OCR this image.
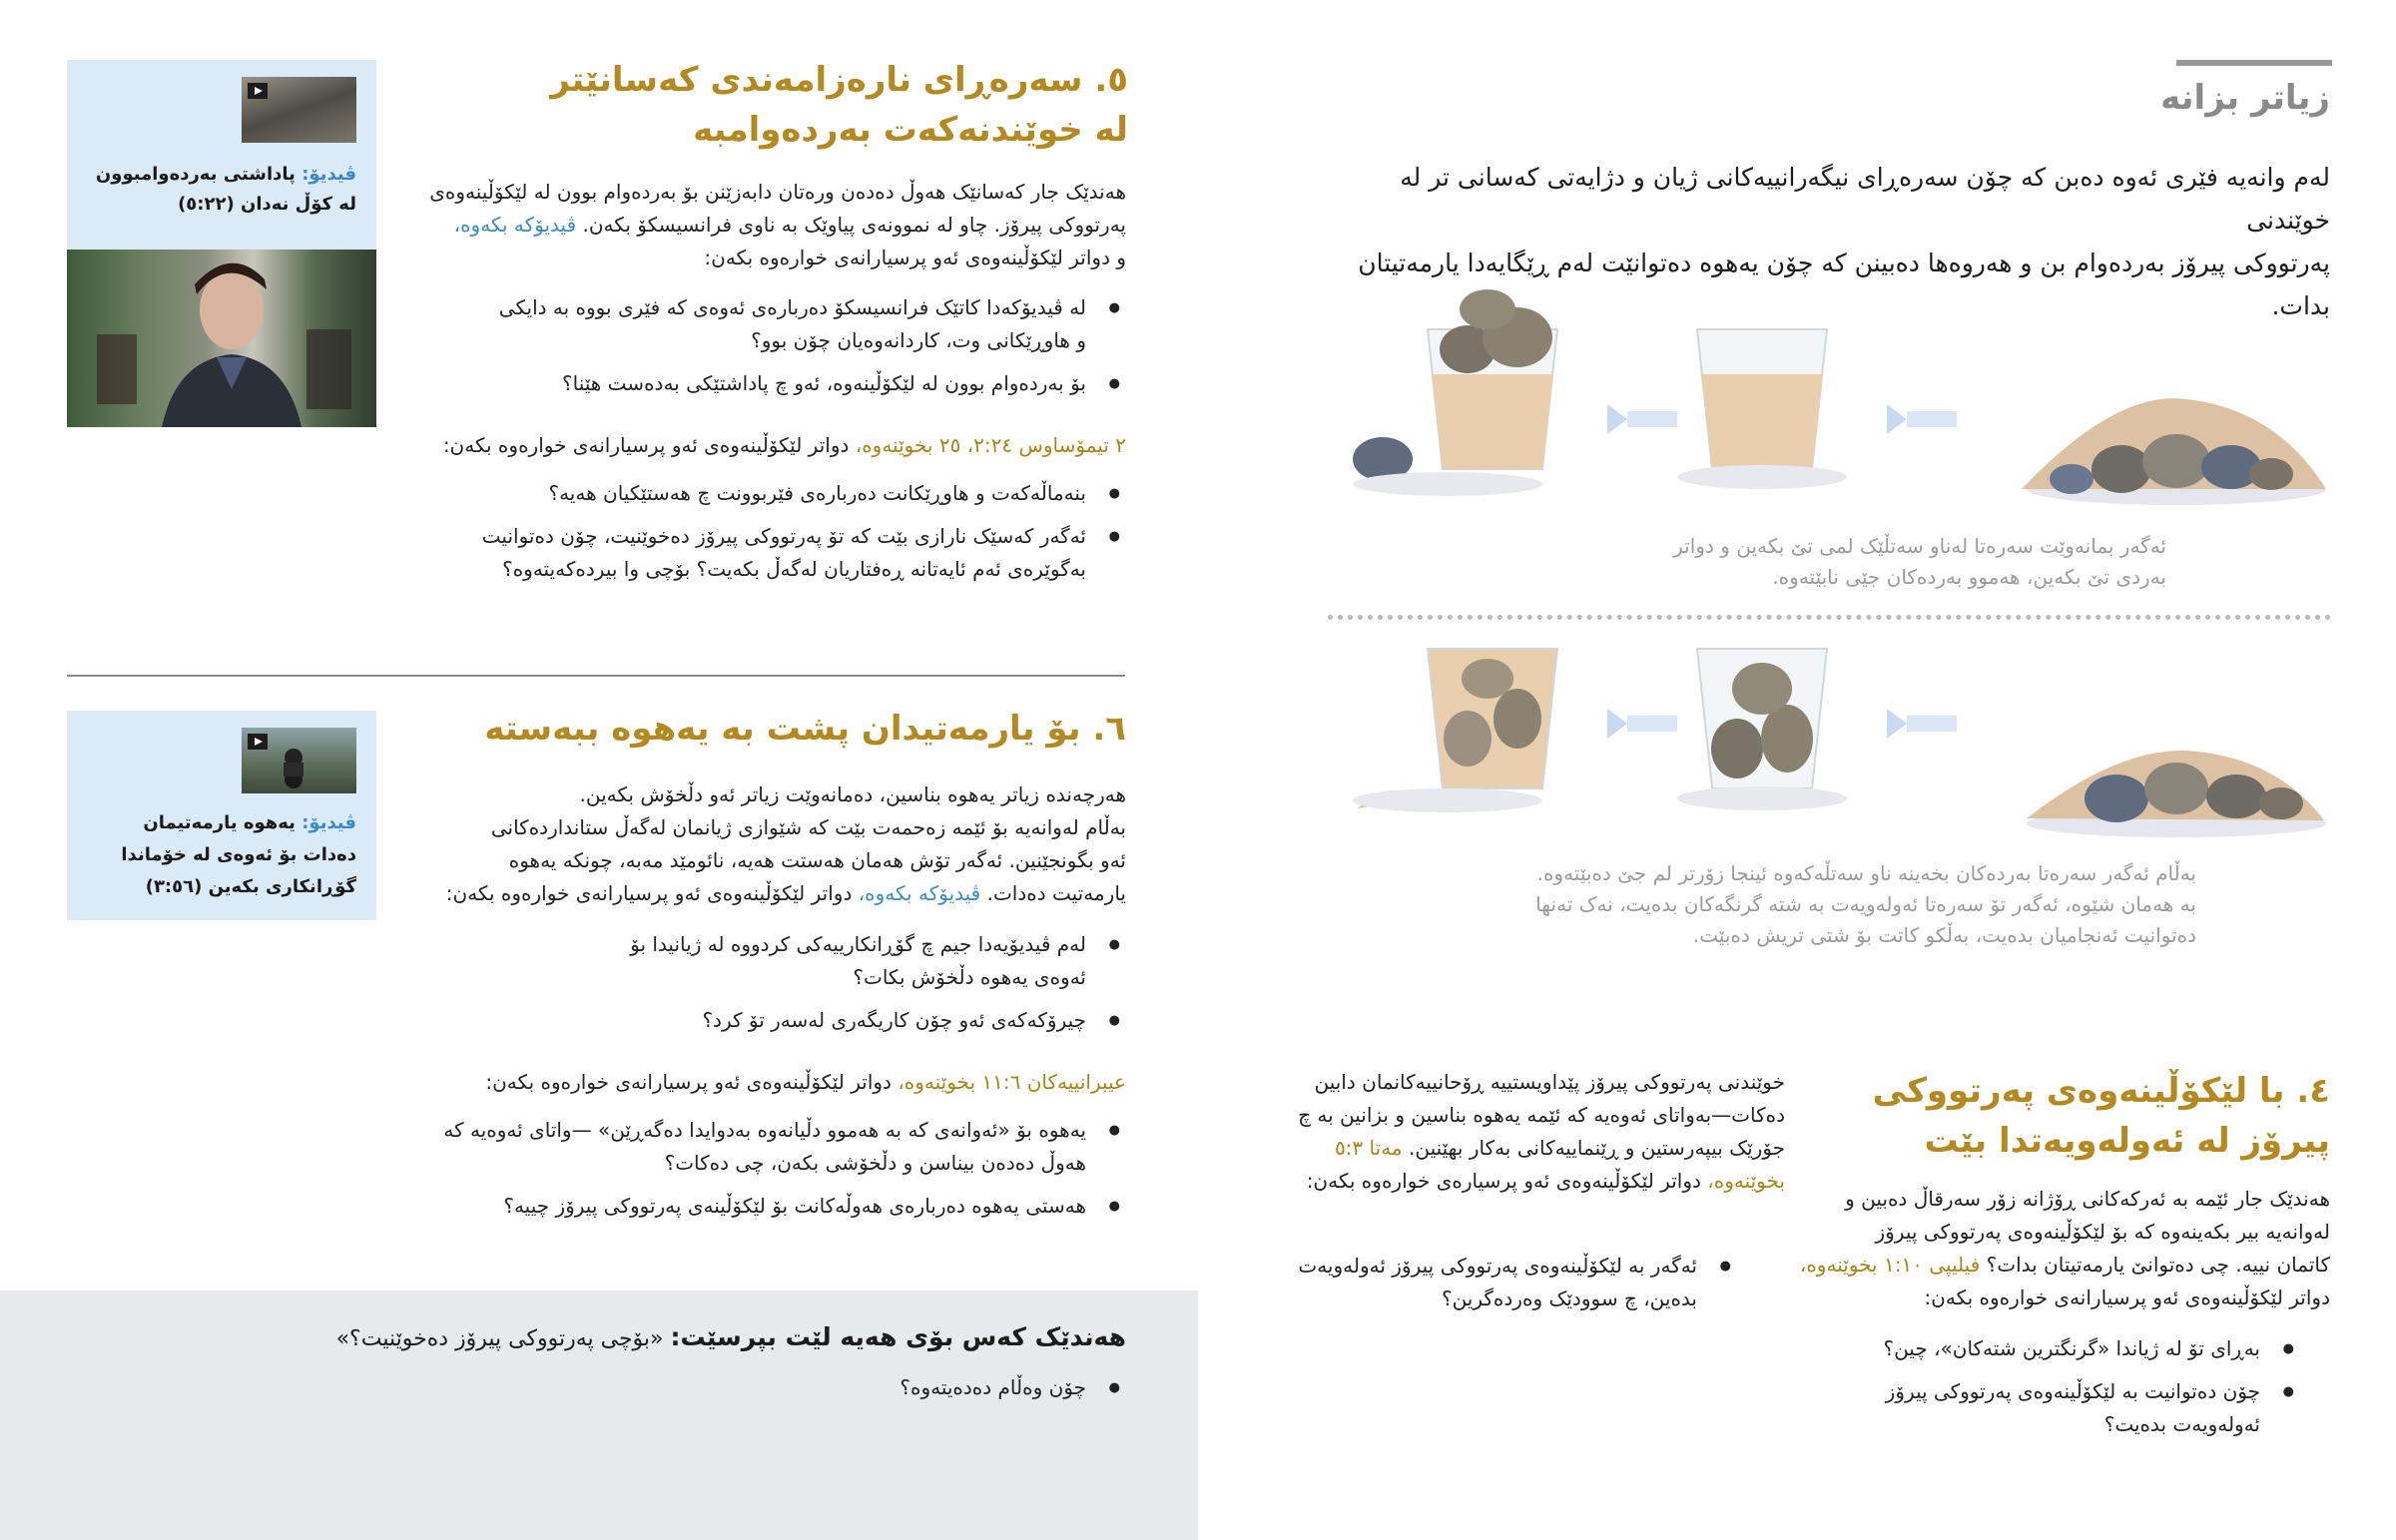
ڤیدیۆ: پاداشتی بەردەوامبوون
لە کۆڵ نەدان (٥:٢٢)
٥. سەرەڕای نارەزامەندی کەسانێتر
لە خوێندنەکەت بەردەوامبە
هەندێک جار کەسانێک هەوڵ دەدەن ورەتان دابەزێنن بۆ بەردەوام بوون لە لێکۆڵینەوەی
پەرتووکی پیرۆز. چاو لە نموونەی پیاوێک بە ناوی فرانسیسکۆ بکەن. ڤیدیۆکە بکەوە،
و دواتر لێکۆڵینەوەی ئەو پرسیارانەی خوارەوە بکەن:
● لە ڤیدیۆکەدا کاتێک فرانسیسکۆ دەربارەی ئەوەی کە فێری بووە بە دایکی و هاوڕێکانی وت، کاردانەوەیان چۆن بوو؟
● بۆ بەردەوام بوون لە لێکۆڵینەوە، ئەو چ پاداشتێکی بەدەست هێنا؟
٢ تیمۆساوس ٢:٢٤، ٢٥ بخوێنەوە، دواتر لێکۆڵینەوەی ئەو پرسیارانەی خوارەوە بکەن:
● بنەماڵەکەت و هاوڕێکانت دەربارەی فێربوونت چ هەستێکیان هەیە؟
● ئەگەر کەسێک نارازی بێت کە تۆ پەرتووکی پیرۆز دەخوێنیت، چۆن دەتوانیت بەگوێرەی ئەم ئایەتانە ڕەفتاریان لەگەڵ بکەیت؟ بۆچی وا بیردەکەیتەوە؟
ڤیدیۆ: یەهوە یارمەتیمان
دەدات بۆ ئەوەی لە خۆماندا
گۆڕانکاری بکەین (٣:٥٦)
٦. بۆ یارمەتیدان پشت بە یەهوە ببەستە
هەرچەندە زیاتر یەهوە بناسین، دەمانەوێت زیاتر ئەو دڵخۆش بکەین.
بەڵام لەوانەیە بۆ ئێمە زەحمەت بێت کە شێوازی ژیانمان لەگەڵ ستانداردەکانی
ئەو بگونجێنین. ئەگەر تۆش هەمان هەستت هەیە، نائومێد مەبە، چونکە یەهوە
یارمەتیت دەدات. ڤیدیۆکە بکەوە، دواتر لێکۆڵینەوەی ئەو پرسیارانەی خوارەوە بکەن:
● لەم ڤیدیۆیەدا جیم چ گۆڕانکارییەکی کردووە لە ژیانیدا بۆ ئەوەی یەهوە دڵخۆش بکات؟
● چیرۆکەکەی ئەو چۆن کاریگەری لەسەر تۆ کرد؟
عیبرانییەکان ١١:٦ بخوێنەوە، دواتر لێکۆڵینەوەی ئەو پرسیارانەی خوارەوە بکەن:
● یەهوە بۆ «ئەوانەی کە بە هەموو دڵیانەوە بەدوایدا دەگەڕێن» —واتای ئەوەیە کە هەوڵ دەدەن بیناسن و دڵخۆشی بکەن، چی دەکات؟
● هەستی یەهوە دەربارەی هەوڵەکانت بۆ لێکۆڵینەی پەرتووکی پیرۆز چییە؟
هەندێک کەس بۆی هەیە لێت بپرسێت: «بۆچی پەرتووکی پیرۆز دەخوێنیت؟»
● چۆن وەڵام دەدەیتەوە؟
زیاتر بزانە
لەم وانەیە فێری ئەوە دەبن کە چۆن سەرەڕای نیگەرانییەکانی ژیان و دژایەتی کەسانی تر لە خوێندنی
پەرتووکی پیرۆز بەردەوام بن و هەروەها دەبینن کە چۆن یەهوە دەتوانێت لەم ڕێگایەدا یارمەتیتان بدات.
ئەگەر بمانەوێت سەرەتا لەناو سەتڵێک لمی تێ بکەین و دواتر
بەردی تێ بکەین، هەموو بەردەکان جێی نابێتەوە.
بەڵام ئەگەر سەرەتا بەردەکان بخەینە ناو سەتڵەکەوە ئینجا زۆرتر لم جێ دەبێتەوە.
بە هەمان شێوە، ئەگەر تۆ سەرەتا ئەولەویەت بە شتە گرنگەکان بدەیت، نەک تەنها
دەتوانیت ئەنجامیان بدەیت، بەڵکو کاتت بۆ شتی تریش دەبێت.
٤. با لێکۆڵینەوەی پەرتووکی
پیرۆز لە ئەولەویەتدا بێت
هەندێک جار ئێمە بە ئەرکەکانی ڕۆژانە زۆر سەرقاڵ دەبین و
لەوانەیە بیر بکەینەوە کە بۆ لێکۆڵینەوەی پەرتووکی پیرۆز
کاتمان نییە. چی دەتوانێ یارمەتیتان بدات؟ فیلیپی ١:١٠ بخوێنەوە، دواتر لێکۆڵینەوەی ئەو پرسیارانەی خوارەوە بکەن:
● بەڕای تۆ لە ژیاندا «گرنگترین شتەکان»، چین؟
● چۆن دەتوانیت بە لێکۆڵینەوەی پەرتووکی پیرۆز ئەولەویەت بدەیت؟
خوێندنی پەرتووکی پیرۆز پێداویستییە ڕۆحانییەکانمان دابین دەکات—بەواتای ئەوەیە کە ئێمە یەهوە بناسین و بزانین بە چ جۆرێک بیپەرستین و ڕێنماییەکانی بەکار بهێنین. مەتا ٥:٣ بخوێنەوە، دواتر لێکۆڵینەوەی ئەو پرسیارەی خوارەوە بکەن:
● ئەگەر بە لێکۆڵینەوەی پەرتووکی پیرۆز ئەولەویەت بدەین، چ سوودێک وەردەگرین؟
